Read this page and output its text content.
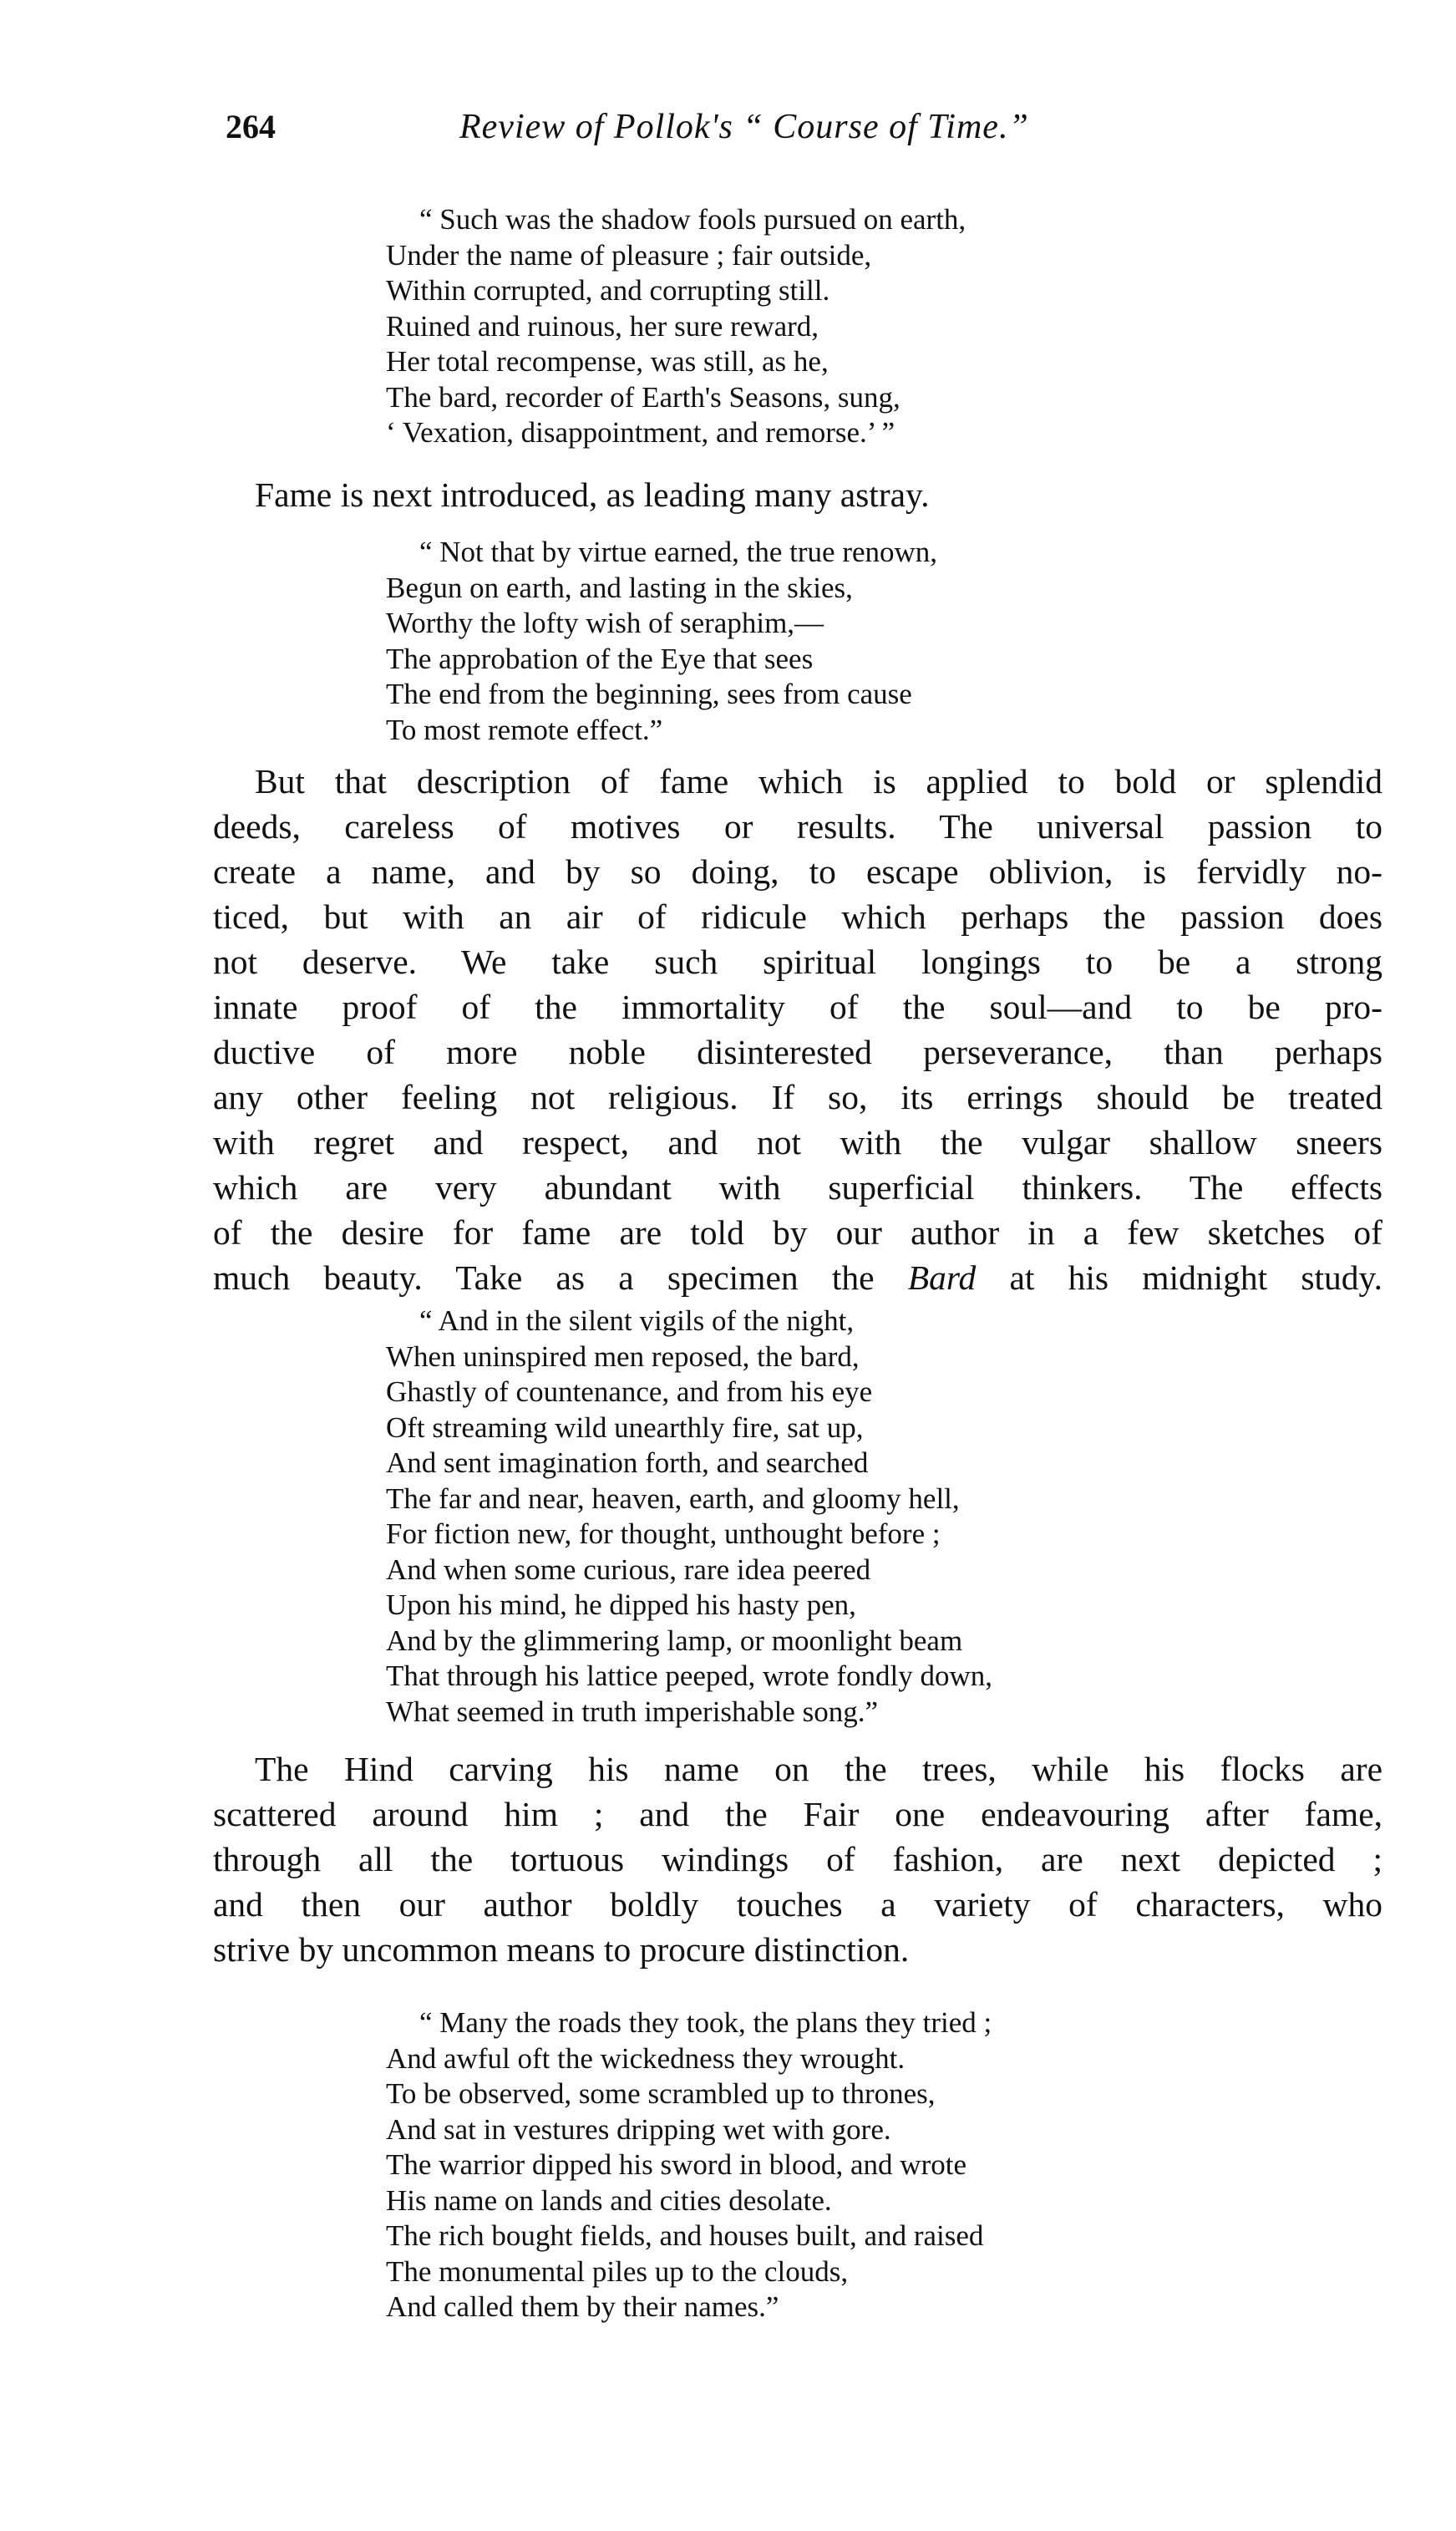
264	Review of Pollok's “ Course of Time.”
“ Such was the shadow fools pursued on earth,
Under the name of pleasure ; fair outside,
Within corrupted, and corrupting still.
Ruined and ruinous, her sure reward,
Her total recompense, was still, as he,
The bard, recorder of Earth's Seasons, sung,
‘ Vexation, disappointment, and remorse.’ ”
Fame is next introduced, as leading many astray.
“ Not that by virtue earned, the true renown,
Begun on earth, and lasting in the skies,
Worthy the lofty wish of seraphim,—
The approbation of the Eye that sees
The end from the beginning, sees from cause
To most remote effect.”
But that description of fame which is applied to bold or splendid
deeds, careless of motives or results. The universal passion to
create a name, and by so doing, to escape oblivion, is fervidly no-
ticed, but with an air of ridicule which perhaps the passion does
not deserve. We take such spiritual longings to be a strong
innate proof of the immortality of the soul—and to be pro-
ductive of more noble disinterested perseverance, than perhaps
any other feeling not religious. If so, its errings should be treated
with regret and respect, and not with the vulgar shallow sneers
which are very abundant with superficial thinkers. The effects
of the desire for fame are told by our author in a few sketches of
much beauty. Take as a specimen the Bard at his midnight study.
“ And in the silent vigils of the night,
When uninspired men reposed, the bard,
Ghastly of countenance, and from his eye
Oft streaming wild unearthly fire, sat up,
And sent imagination forth, and searched
The far and near, heaven, earth, and gloomy hell,
For fiction new, for thought, unthought before ;
And when some curious, rare idea peered
Upon his mind, he dipped his hasty pen,
And by the glimmering lamp, or moonlight beam
That through his lattice peeped, wrote fondly down,
What seemed in truth imperishable song.”
The Hind carving his name on the trees, while his flocks are
scattered around him ; and the Fair one endeavouring after fame,
through all the tortuous windings of fashion, are next depicted ;
and then our author boldly touches a variety of characters, who
strive by uncommon means to procure distinction.
“ Many the roads they took, the plans they tried ;
And awful oft the wickedness they wrought.
To be observed, some scrambled up to thrones,
And sat in vestures dripping wet with gore.
The warrior dipped his sword in blood, and wrote
His name on lands and cities desolate.
The rich bought fields, and houses built, and raised
The monumental piles up to the clouds,
And called them by their names.”
